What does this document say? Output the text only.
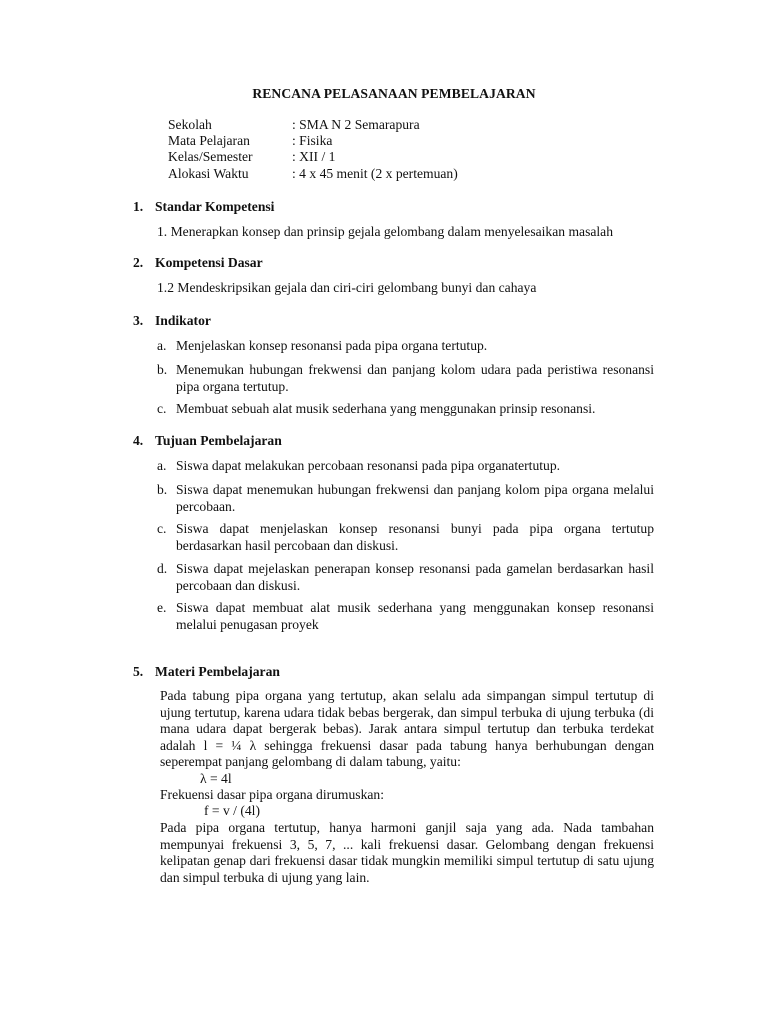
RENCANA PELASANAAN PEMBELAJARAN
Sekolah	: SMA N 2 Semarapura
Mata Pelajaran	: Fisika
Kelas/Semester	: XII / 1
Alokasi Waktu	: 4 x 45 menit (2 x pertemuan)
1. Standar Kompetensi
1. Menerapkan konsep dan prinsip gejala gelombang dalam menyelesaikan masalah
2. Kompetensi Dasar
1.2 Mendeskripsikan gejala dan ciri-ciri gelombang bunyi dan cahaya
3. Indikator
a. Menjelaskan konsep resonansi pada pipa organa tertutup.
b. Menemukan hubungan frekwensi dan panjang kolom udara pada peristiwa resonansi pipa organa tertutup.
c. Membuat sebuah alat musik sederhana yang menggunakan prinsip resonansi.
4. Tujuan Pembelajaran
a. Siswa dapat melakukan percobaan resonansi pada pipa organatertutup.
b. Siswa dapat menemukan hubungan frekwensi dan panjang kolom pipa organa melalui percobaan.
c. Siswa dapat menjelaskan konsep resonansi bunyi pada pipa organa tertutup berdasarkan hasil percobaan dan diskusi.
d. Siswa dapat mejelaskan penerapan konsep resonansi pada gamelan berdasarkan hasil percobaan dan diskusi.
e. Siswa dapat membuat alat musik sederhana yang menggunakan konsep resonansi melalui penugasan proyek
5. Materi Pembelajaran
Pada tabung pipa organa yang tertutup, akan selalu ada simpangan simpul tertutup di ujung tertutup, karena udara tidak bebas bergerak, dan simpul terbuka di ujung terbuka (di mana udara dapat bergerak bebas). Jarak antara simpul tertutup dan terbuka terdekat adalah l = ¼ λ sehingga frekuensi dasar pada tabung hanya berhubungan dengan seperempat panjang gelombang di dalam tabung, yaitu:
λ = 4l
Frekuensi dasar pipa organa dirumuskan:
f = v / (4l)
Pada pipa organa tertutup, hanya harmoni ganjil saja yang ada. Nada tambahan mempunyai frekuensi 3, 5, 7, ... kali frekuensi dasar. Gelombang dengan frekuensi kelipatan genap dari frekuensi dasar tidak mungkin memiliki simpul tertutup di satu ujung dan simpul terbuka di ujung yang lain.
